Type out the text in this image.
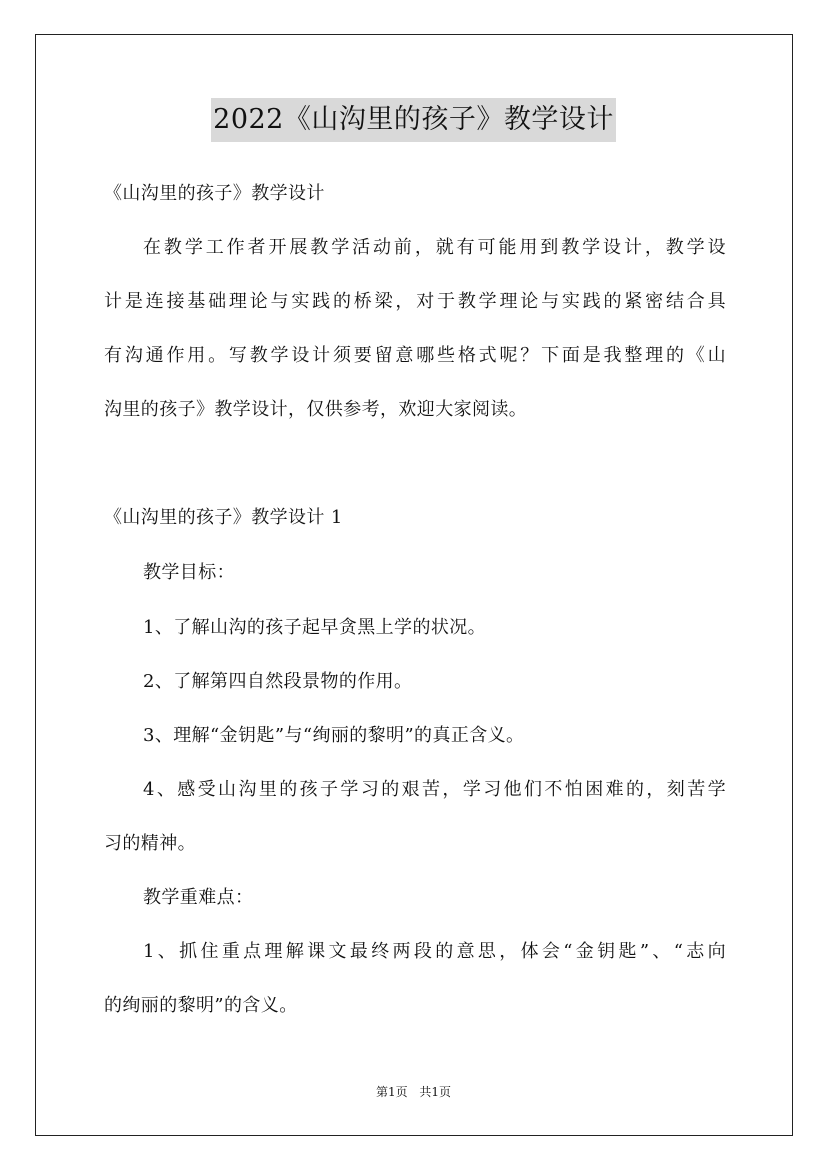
2022《山沟里的孩子》教学设计
《山沟里的孩子》教学设计
在教学工作者开展教学活动前，就有可能用到教学设计，教学设
计是连接基础理论与实践的桥梁，对于教学理论与实践的紧密结合具
有沟通作用。写教学设计须要留意哪些格式呢？下面是我整理的《山
沟里的孩子》教学设计，仅供参考，欢迎大家阅读。
《山沟里的孩子》教学设计 1
教学目标：
1、了解山沟的孩子起早贪黑上学的状况。
2、了解第四自然段景物的作用。
3、理解“金钥匙”与“绚丽的黎明”的真正含义。
4、感受山沟里的孩子学习的艰苦，学习他们不怕困难的，刻苦学
习的精神。
教学重难点：
1、抓住重点理解课文最终两段的意思，体会“金钥匙”、“志向
的绚丽的黎明”的含义。
第1页 共1页
